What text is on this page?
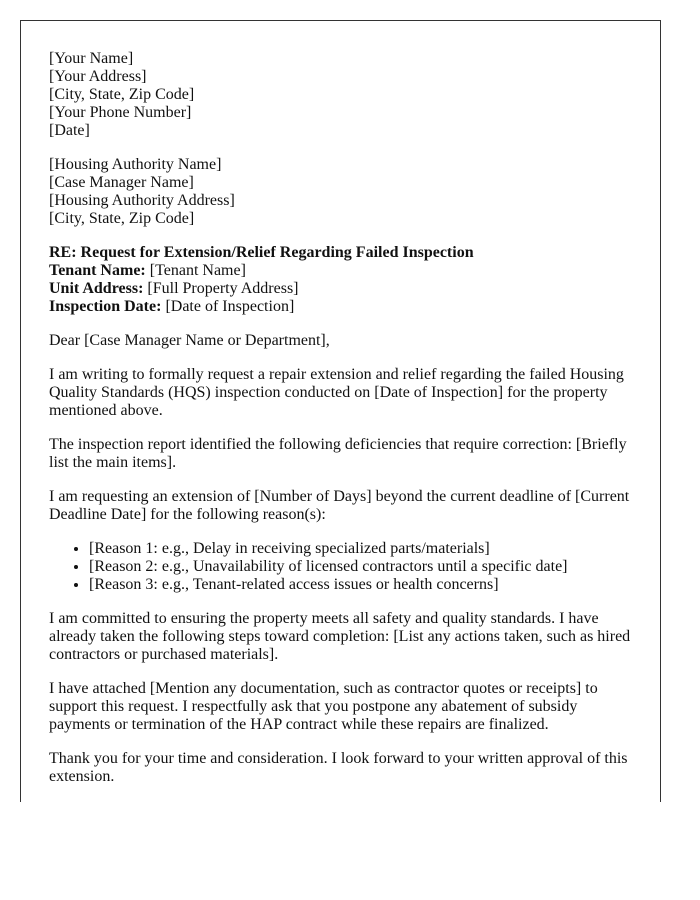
[Your Name]
[Your Address]
[City, State, Zip Code]
[Your Phone Number]
[Date]

[Housing Authority Name]
[Case Manager Name]
[Housing Authority Address]
[City, State, Zip Code]

RE: Request for Extension/Relief Regarding Failed Inspection
Tenant Name: [Tenant Name]
Unit Address: [Full Property Address]
Inspection Date: [Date of Inspection]

Dear [Case Manager Name or Department],

I am writing to formally request a repair extension and relief regarding the failed Housing Quality Standards (HQS) inspection conducted on [Date of Inspection] for the property mentioned above.

The inspection report identified the following deficiencies that require correction: [Briefly list the main items].

I am requesting an extension of [Number of Days] beyond the current deadline of [Current Deadline Date] for the following reason(s):

• [Reason 1: e.g., Delay in receiving specialized parts/materials]
• [Reason 2: e.g., Unavailability of licensed contractors until a specific date]
• [Reason 3: e.g., Tenant-related access issues or health concerns]

I am committed to ensuring the property meets all safety and quality standards. I have already taken the following steps toward completion: [List any actions taken, such as hired contractors or purchased materials].

I have attached [Mention any documentation, such as contractor quotes or receipts] to support this request. I respectfully ask that you postpone any abatement of subsidy payments or termination of the HAP contract while these repairs are finalized.

Thank you for your time and consideration. I look forward to your written approval of this extension.
